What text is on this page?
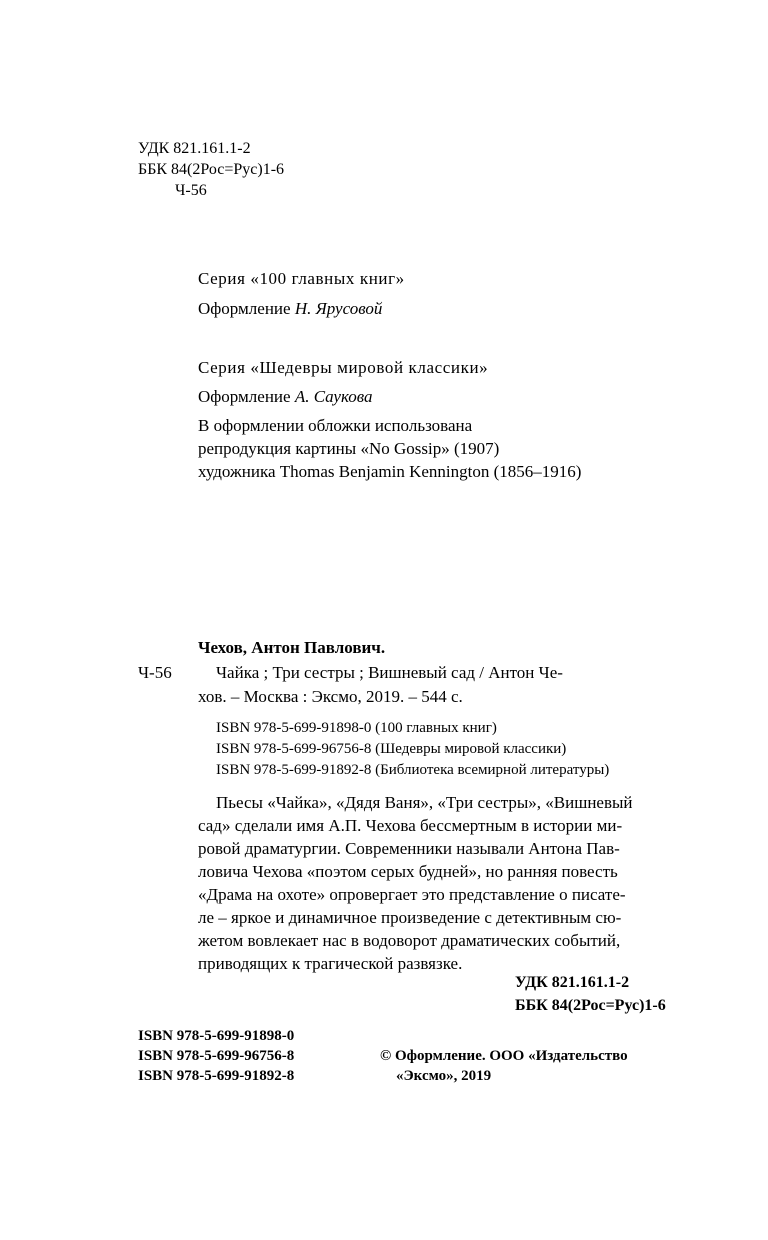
УДК 821.161.1-2
ББК 84(2Рос=Рус)1-6
Ч-56
Серия «100 главных книг»
Оформление Н. Ярусовой
Серия «Шедевры мировой классики»
Оформление А. Саукова
В оформлении обложки использована
репродукция картины «No Gossip» (1907)
художника Thomas Benjamin Kennington (1856–1916)
Чехов, Антон Павлович.
Ч-56	Чайка ; Три сестры ; Вишневый сад / Антон Че-
хов. – Москва : Эксмо, 2019. – 544 с.
ISBN 978-5-699-91898-0 (100 главных книг)
ISBN 978-5-699-96756-8 (Шедевры мировой классики)
ISBN 978-5-699-91892-8 (Библиотека всемирной литературы)
Пьесы «Чайка», «Дядя Ваня», «Три сестры», «Вишневый
сад» сделали имя А.П. Чехова бессмертным в истории ми-
ровой драматургии. Современники называли Антона Пав-
ловича Чехова «поэтом серых будней», но ранняя повесть
«Драма на охоте» опровергает это представление о писате-
ле – яркое и динамичное произведение с детективным сю-
жетом вовлекает нас в водоворот драматических событий,
приводящих к трагической развязке.
УДК 821.161.1-2
ББК 84(2Рос=Рус)1-6
ISBN 978-5-699-91898-0
ISBN 978-5-699-96756-8
ISBN 978-5-699-91892-8
© Оформление. ООО «Издательство
«Эксмо», 2019
